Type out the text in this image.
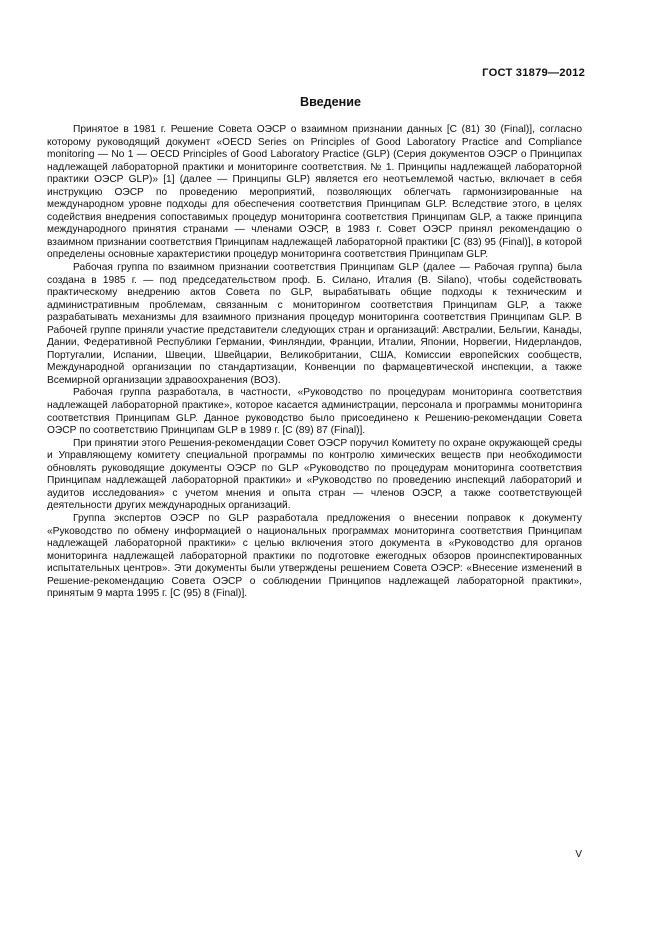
ГОСТ 31879—2012
Введение

Принятое в 1981 г. Решение Совета ОЭСР о взаимном признании данных [C (81) 30 (Final)], согласно которому руководящий документ «OECD Series on Principles of Good Laboratory Practice and Compliance monitoring — No 1 — OECD Principles of Good Laboratory Practice (GLP) (Серия документов ОЭСР о Принципах надлежащей лабораторной практики и мониторинге соответствия. № 1. Принципы надлежащей лабораторной практики ОЭСР GLP)» [1] (далее — Принципы GLP) является его неотъемлемой частью, включает в себя инструкцию ОЭСР по проведению мероприятий, позволяющих облегчать гармонизированные на международном уровне подходы для обеспечения соответствия Принципам GLP. Вследствие этого, в целях содействия внедрения сопоставимых процедур мониторинга соответствия Принципам GLP, а также принципа международного принятия странами — членами ОЭСР, в 1983 г. Совет ОЭСР принял рекомендацию о взаимном признании соответствия Принципам надлежащей лабораторной практики [C (83) 95 (Final)], в которой определены основные характеристики процедур мониторинга соответствия Принципам GLP.

Рабочая группа по взаимном признании соответствия Принципам GLP (далее — Рабочая группа) была создана в 1985 г. — под председательством проф. Б. Силано, Италия (B. Silano), чтобы содействовать практическому внедрению актов Совета по GLP, вырабатывать общие подходы к техническим и административным проблемам, связанным с мониторингом соответствия Принципам GLP, а также разрабатывать механизмы для взаимного признания процедур мониторинга соответствия Принципам GLP. В Рабочей группе приняли участие представители следующих стран и организаций: Австралии, Бельгии, Канады, Дании, Федеративной Республики Германии, Финляндии, Франции, Италии, Японии, Норвегии, Нидерландов, Португалии, Испании, Швеции, Швейцарии, Великобритании, США, Комиссии европейских сообществ, Международной организации по стандартизации, Конвенции по фармацевтической инспекции, а также Всемирной организации здравоохранения (ВОЗ).

Рабочая группа разработала, в частности, «Руководство по процедурам мониторинга соответствия надлежащей лабораторной практике», которое касается администрации, персонала и программы мониторинга соответствия Принципам GLP. Данное руководство было присоединено к Решению-рекомендации Совета ОЭСР по соответствию Принципам GLP в 1989 г. [C (89) 87 (Final)].

При принятии этого Решения-рекомендации Совет ОЭСР поручил Комитету по охране окружающей среды и Управляющему комитету специальной программы по контролю химических веществ при необходимости обновлять руководящие документы ОЭСР по GLP «Руководство по процедурам мониторинга соответствия Принципам надлежащей лабораторной практики» и «Руководство по проведению инспекций лабораторий и аудитов исследования» с учетом мнения и опыта стран — членов ОЭСР, а также соответствующей деятельности других международных организаций.

Группа экспертов ОЭСР по GLP разработала предложения о внесении поправок к документу «Руководство по обмену информацией о национальных программах мониторинга соответствия Принципам надлежащей лабораторной практики» с целью включения этого документа в «Руководство для органов мониторинга надлежащей лабораторной практики по подготовке ежегодных обзоров проинспектированных испытательных центров». Эти документы были утверждены решением Совета ОЭСР: «Внесение изменений в Решение-рекомендацию Совета ОЭСР о соблюдении Принципов надлежащей лабораторной практики», принятым 9 марта 1995 г. [C (95) 8 (Final)].

V
